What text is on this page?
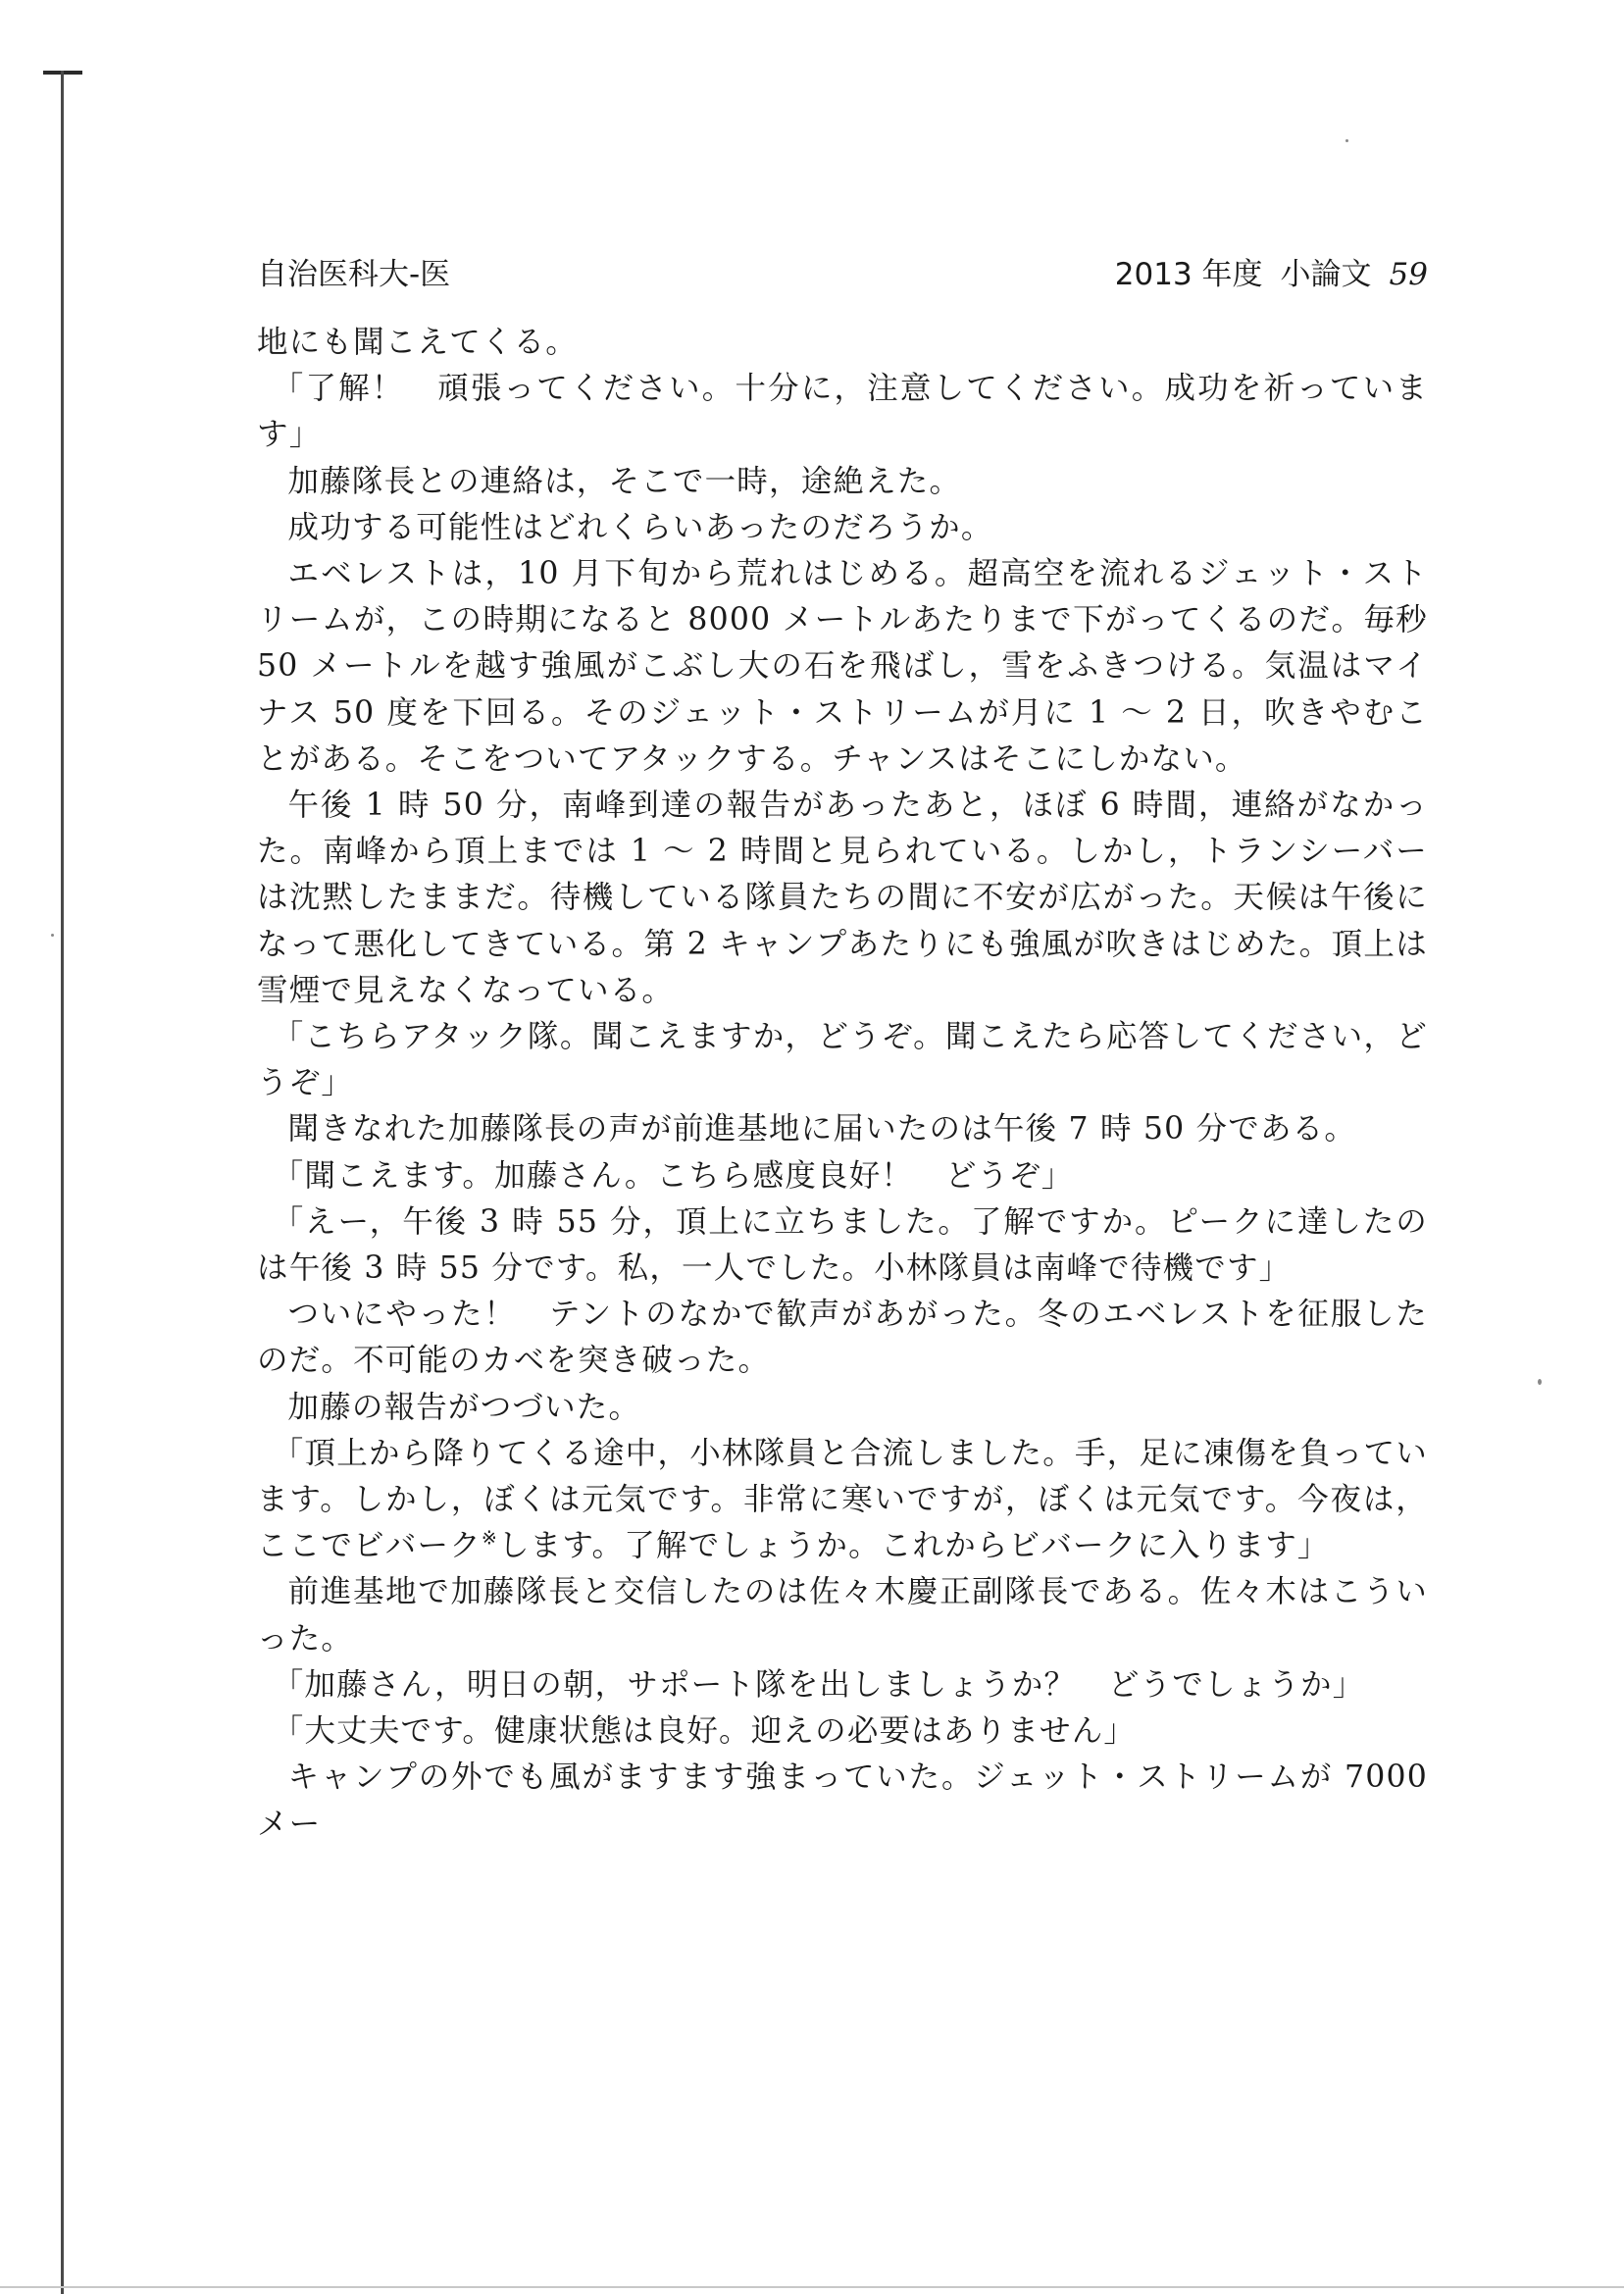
自治医科大-医	2013 年度 小論文 59

地にも聞こえてくる。

「了解！　頑張ってください。十分に，注意してください。成功を祈っています」

加藤隊長との連絡は，そこで一時，途絶えた。

成功する可能性はどれくらいあったのだろうか。

エベレストは，10 月下旬から荒れはじめる。超高空を流れるジェット・ストリームが，この時期になると 8000 メートルあたりまで下がってくるのだ。毎秒 50 メートルを越す強風がこぶし大の石を飛ばし，雪をふきつける。気温はマイナス 50 度を下回る。そのジェット・ストリームが月に 1 ～ 2 日，吹きやむことがある。そこをついてアタックする。チャンスはそこにしかない。

午後 1 時 50 分，南峰到達の報告があったあと，ほぼ 6 時間，連絡がなかった。南峰から頂上までは 1 ～ 2 時間と見られている。しかし，トランシーバーは沈黙したままだ。待機している隊員たちの間に不安が広がった。天候は午後になって悪化してきている。第 2 キャンプあたりにも強風が吹きはじめた。頂上は雪煙で見えなくなっている。

「こちらアタック隊。聞こえますか，どうぞ。聞こえたら応答してください，どうぞ」

聞きなれた加藤隊長の声が前進基地に届いたのは午後 7 時 50 分である。

「聞こえます。加藤さん。こちら感度良好！　どうぞ」

「えー，午後 3 時 55 分，頂上に立ちました。了解ですか。ピークに達したのは午後 3 時 55 分です。私，一人でした。小林隊員は南峰で待機です」

ついにやった！　テントのなかで歓声があがった。冬のエベレストを征服したのだ。不可能のカベを突き破った。

加藤の報告がつづいた。

「頂上から降りてくる途中，小林隊員と合流しました。手，足に凍傷を負っています。しかし，ぼくは元気です。非常に寒いですが，ぼくは元気です。今夜は，ここでビバーク※します。了解でしょうか。これからビバークに入ります」

前進基地で加藤隊長と交信したのは佐々木慶正副隊長である。佐々木はこういった。

「加藤さん，明日の朝，サポート隊を出しましょうか？　どうでしょうか」

「大丈夫です。健康状態は良好。迎えの必要はありません」

キャンプの外でも風がますます強まっていた。ジェット・ストリームが 7000 メー
